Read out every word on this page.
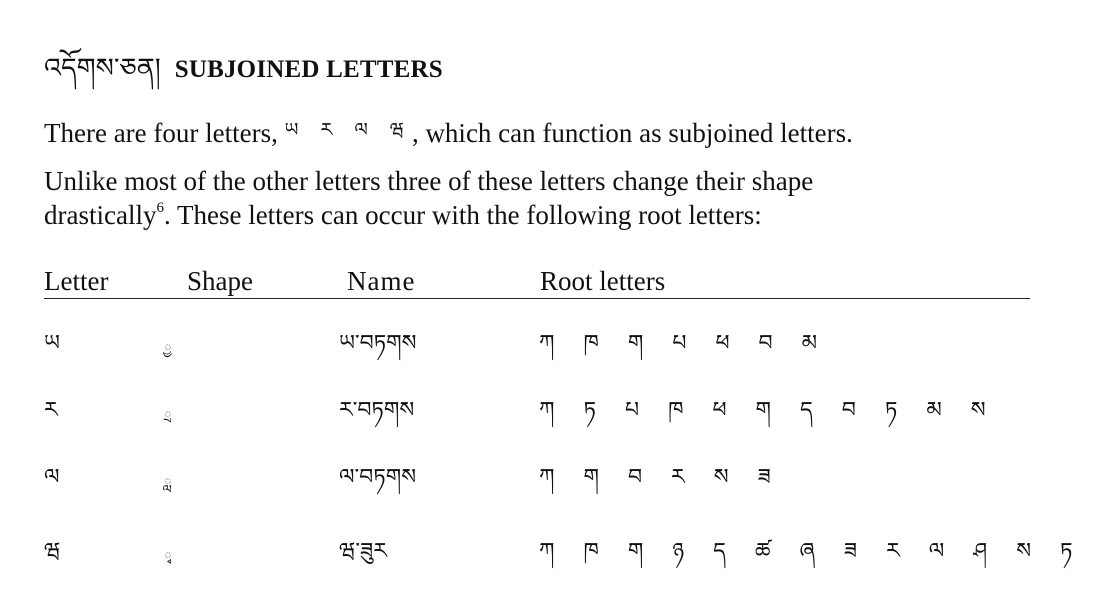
འདོགས་ཅན། SUBJOINED LETTERS
There are four letters, $^{ཡ ར ལ ཝ}$, which can function as subjoined letters.
Unlike most of the other letters three of these letters change their shape
drastically$^6$. These letters can occur with the following root letters:
Letter	Shape	Name	Root letters
ཡ	ྱ	ཡ་བཏགས	ཀ ཁ ག པ ཕ བ མ
ར	ྲ	ར་བཏགས	ཀ ཏ པ ཁ ཕ ག ད བ ཏ མ ས
ལ	ླ	ལ་བཏགས	ཀ ག བ ར ས ཟ
ཝ	ྭ	ཝ་ཟུར	ཀ ཁ ག ཉ ད ཚ ཞ ཟ ར ལ ཤ ས ཏ
